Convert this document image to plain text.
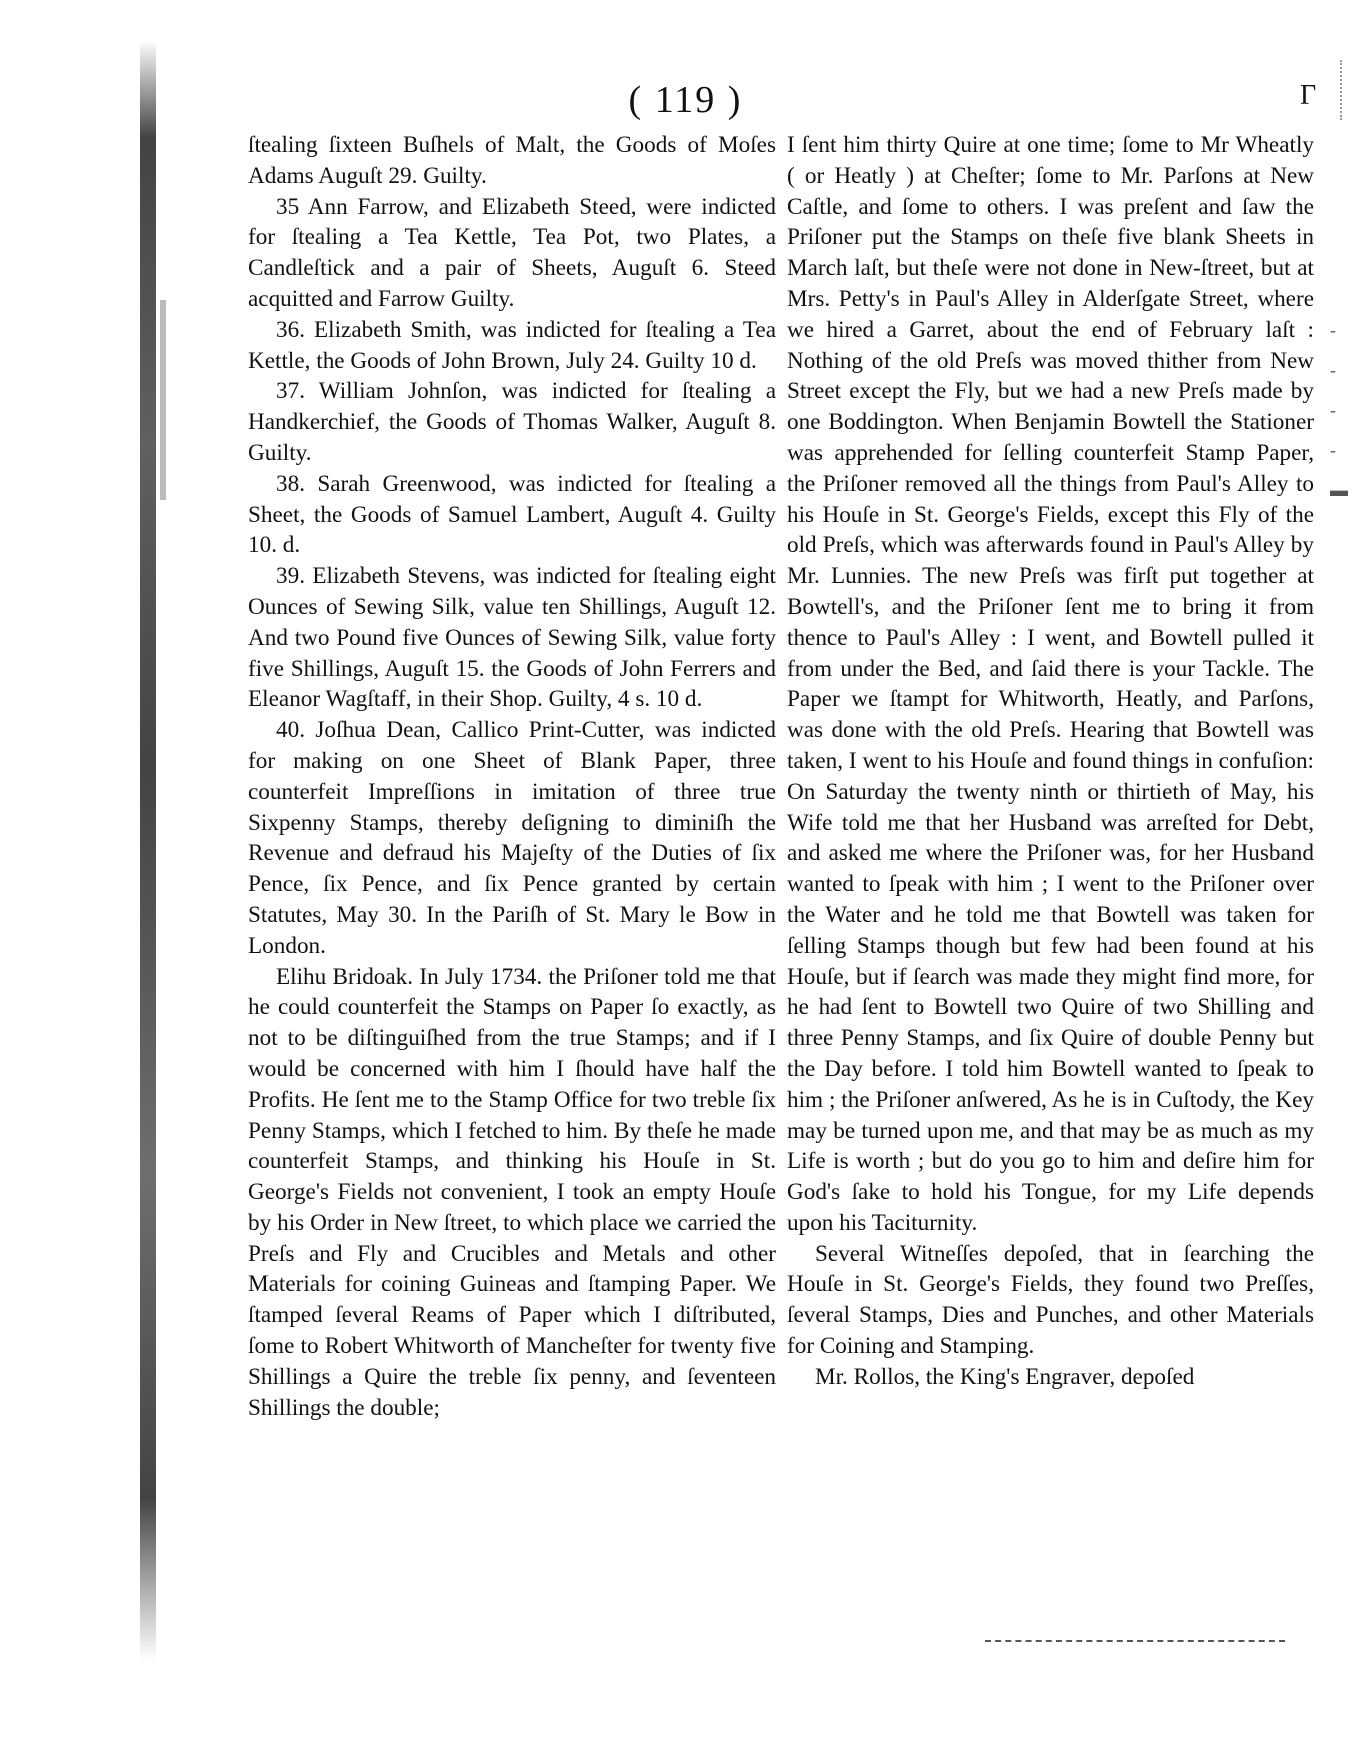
Γ
-
-
-
-
▬
( 119 )

ſtealing ſixteen Buſhels of Malt, the Goods of Moſes Adams Auguſt 29. Guilty.

35 Ann Farrow, and Elizabeth Steed, were indicted for ſtealing a Tea Kettle, Tea Pot, two Plates, a Candleſtick and a pair of Sheets, Auguſt 6. Steed acquitted and Farrow Guilty.

36. Elizabeth Smith, was indicted for ſtealing a Tea Kettle, the Goods of John Brown, July 24. Guilty 10 d.

37. William Johnſon, was indicted for ſtealing a Handkerchief, the Goods of Thomas Walker, Auguſt 8. Guilty.

38. Sarah Greenwood, was indicted for ſtealing a Sheet, the Goods of Samuel Lambert, Auguſt 4. Guilty 10. d.

39. Elizabeth Stevens, was indicted for ſtealing eight Ounces of Sewing Silk, value ten Shillings, Auguſt 12. And two Pound five Ounces of Sewing Silk, value forty five Shillings, Auguſt 15. the Goods of John Ferrers and Eleanor Wagſtaff, in their Shop. Guilty, 4 s. 10 d.

40. Joſhua Dean, Callico Print-Cutter, was indicted for making on one Sheet of Blank Paper, three counterfeit Impreſſions in imitation of three true Sixpenny Stamps, thereby deſigning to diminiſh the Revenue and defraud his Majeſty of the Duties of ſix Pence, ſix Pence, and ſix Pence granted by certain Statutes, May 30. In the Pariſh of St. Mary le Bow in London.

Elihu Bridoak. In July 1734. the Priſoner told me that he could counterfeit the Stamps on Paper ſo exactly, as not to be diſtinguiſhed from the true Stamps; and if I would be concerned with him I ſhould have half the Profits. He ſent me to the Stamp Office for two treble ſix Penny Stamps, which I fetched to him. By theſe he made counterfeit Stamps, and thinking his Houſe in St. George's Fields not convenient, I took an empty Houſe by his Order in New ſtreet, to which place we carried the Preſs and Fly and Crucibles and Metals and other Materials for coining Guineas and ſtamping Paper. We ſtamped ſeveral Reams of Paper which I diſtributed, ſome to Robert Whitworth of Mancheſter for twenty five Shillings a Quire the treble ſix penny, and ſeventeen Shillings the double;

I ſent him thirty Quire at one time; ſome to Mr Wheatly ( or Heatly ) at Cheſter; ſome to Mr. Parſons at New Caſtle, and ſome to others. I was preſent and ſaw the Priſoner put the Stamps on theſe five blank Sheets in March laſt, but theſe were not done in New-ſtreet, but at Mrs. Petty's in Paul's Alley in Alderſgate Street, where we hired a Garret, about the end of February laſt : Nothing of the old Preſs was moved thither from New Street except the Fly, but we had a new Preſs made by one Boddington. When Benjamin Bowtell the Stationer was apprehended for ſelling counterfeit Stamp Paper, the Priſoner removed all the things from Paul's Alley to his Houſe in St. George's Fields, except this Fly of the old Preſs, which was afterwards found in Paul's Alley by Mr. Lunnies. The new Preſs was firſt put together at Bowtell's, and the Priſoner ſent me to bring it from thence to Paul's Alley : I went, and Bowtell pulled it from under the Bed, and ſaid there is your Tackle. The Paper we ſtampt for Whitworth, Heatly, and Parſons, was done with the old Preſs. Hearing that Bowtell was taken, I went to his Houſe and found things in confuſion: On Saturday the twenty ninth or thirtieth of May, his Wife told me that her Husband was arreſted for Debt, and asked me where the Priſoner was, for her Husband wanted to ſpeak with him ; I went to the Priſoner over the Water and he told me that Bowtell was taken for ſelling Stamps though but few had been found at his Houſe, but if ſearch was made they might find more, for he had ſent to Bowtell two Quire of two Shilling and three Penny Stamps, and ſix Quire of double Penny but the Day before. I told him Bowtell wanted to ſpeak to him ; the Priſoner anſwered, As he is in Cuſtody, the Key may be turned upon me, and that may be as much as my Life is worth ; but do you go to him and deſire him for God's ſake to hold his Tongue, for my Life depends upon his Taciturnity.

Several Witneſſes depoſed, that in ſearching the Houſe in St. George's Fields, they found two Preſſes, ſeveral Stamps, Dies and Punches, and other Materials for Coining and Stamping.

Mr. Rollos, the King's Engraver, depoſed
